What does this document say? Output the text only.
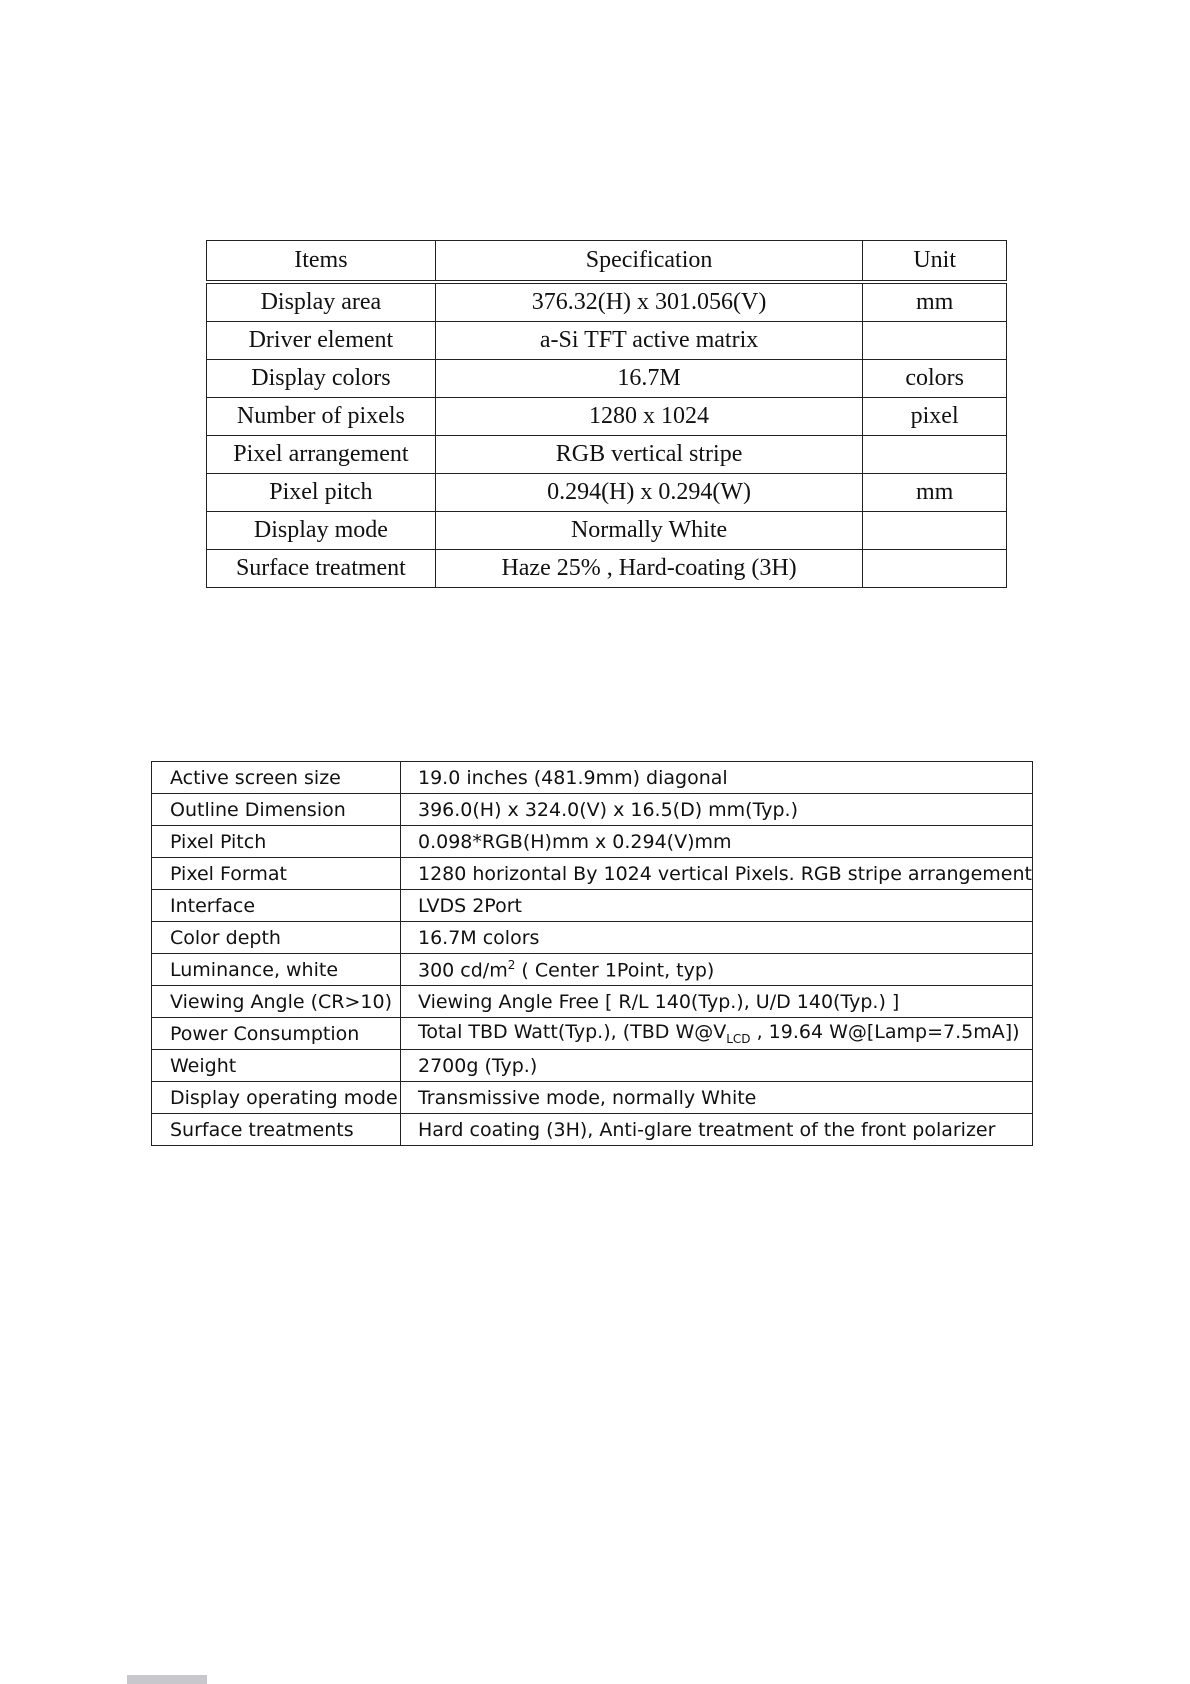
Items	Specification	Unit
Display area	376.32(H) x 301.056(V)	mm
Driver element	a-Si TFT active matrix	
Display colors	16.7M	colors
Number of pixels	1280 x 1024	pixel
Pixel arrangement	RGB vertical stripe	
Pixel pitch	0.294(H) x 0.294(W)	mm
Display mode	Normally White	
Surface treatment	Haze 25% , Hard-coating (3H)	
Active screen size	19.0 inches (481.9mm) diagonal
Outline Dimension	396.0(H) x 324.0(V) x 16.5(D) mm(Typ.)
Pixel Pitch	0.098*RGB(H)mm x 0.294(V)mm
Pixel Format	1280 horizontal By 1024 vertical Pixels. RGB stripe arrangement
Interface	LVDS 2Port
Color depth	16.7M colors
Luminance, white	300 $cd/m^2$ ( Center 1Point, typ)
Viewing Angle (CR>10)	Viewing Angle Free [ R/L 140(Typ.), U/D 140(Typ.) ]
Power Consumption	Total TBD Watt(Typ.), (TBD $W@V_{LCD}$ , 19.64 W@[Lamp=7.5mA])
Weight	2700g (Typ.)
Display operating mode	Transmissive mode, normally White
Surface treatments	Hard coating (3H), Anti-glare treatment of the front polarizer
